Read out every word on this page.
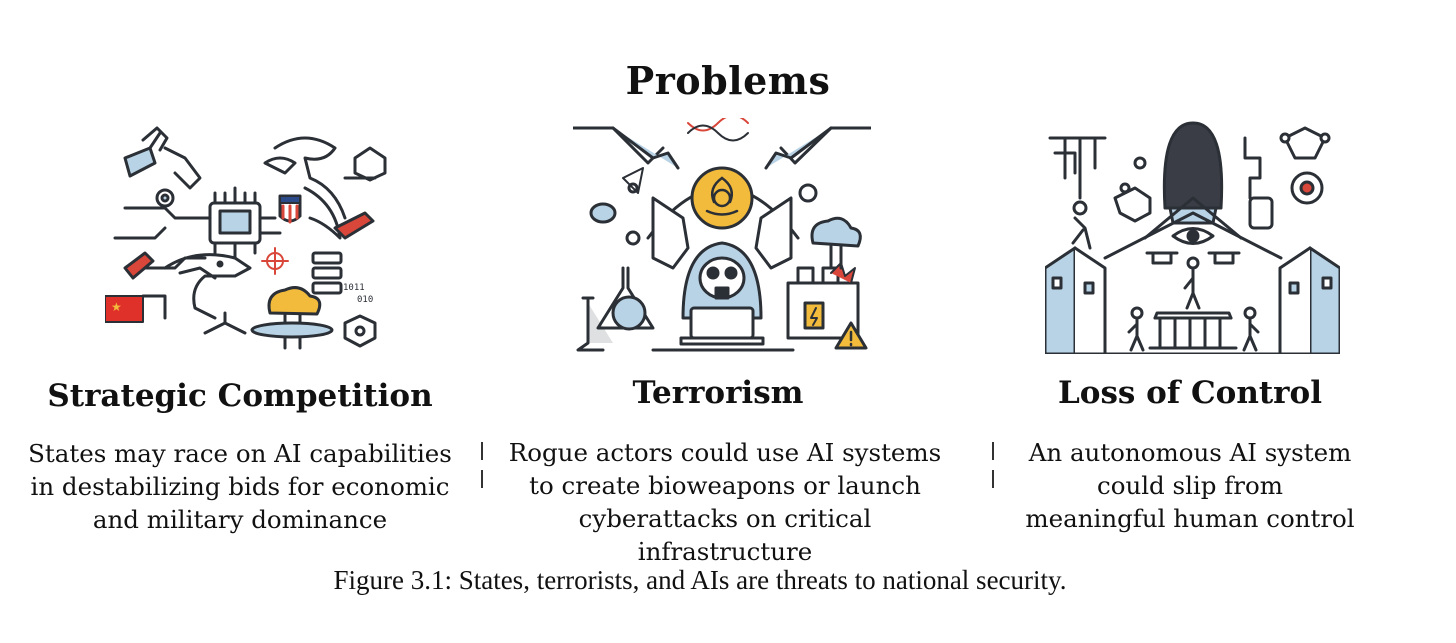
Problems
★
1011
010
Strategic Competition	Terrorism	Loss of Control
States may race on AI capabilities
in destabilizing bids for economic
and military dominance
Rogue actors could use AI systems
to create bioweapons or launch
cyberattacks on critical infrastructure
An autonomous AI system
could slip from
meaningful human control
Figure 3.1: States, terrorists, and AIs are threats to national security.
